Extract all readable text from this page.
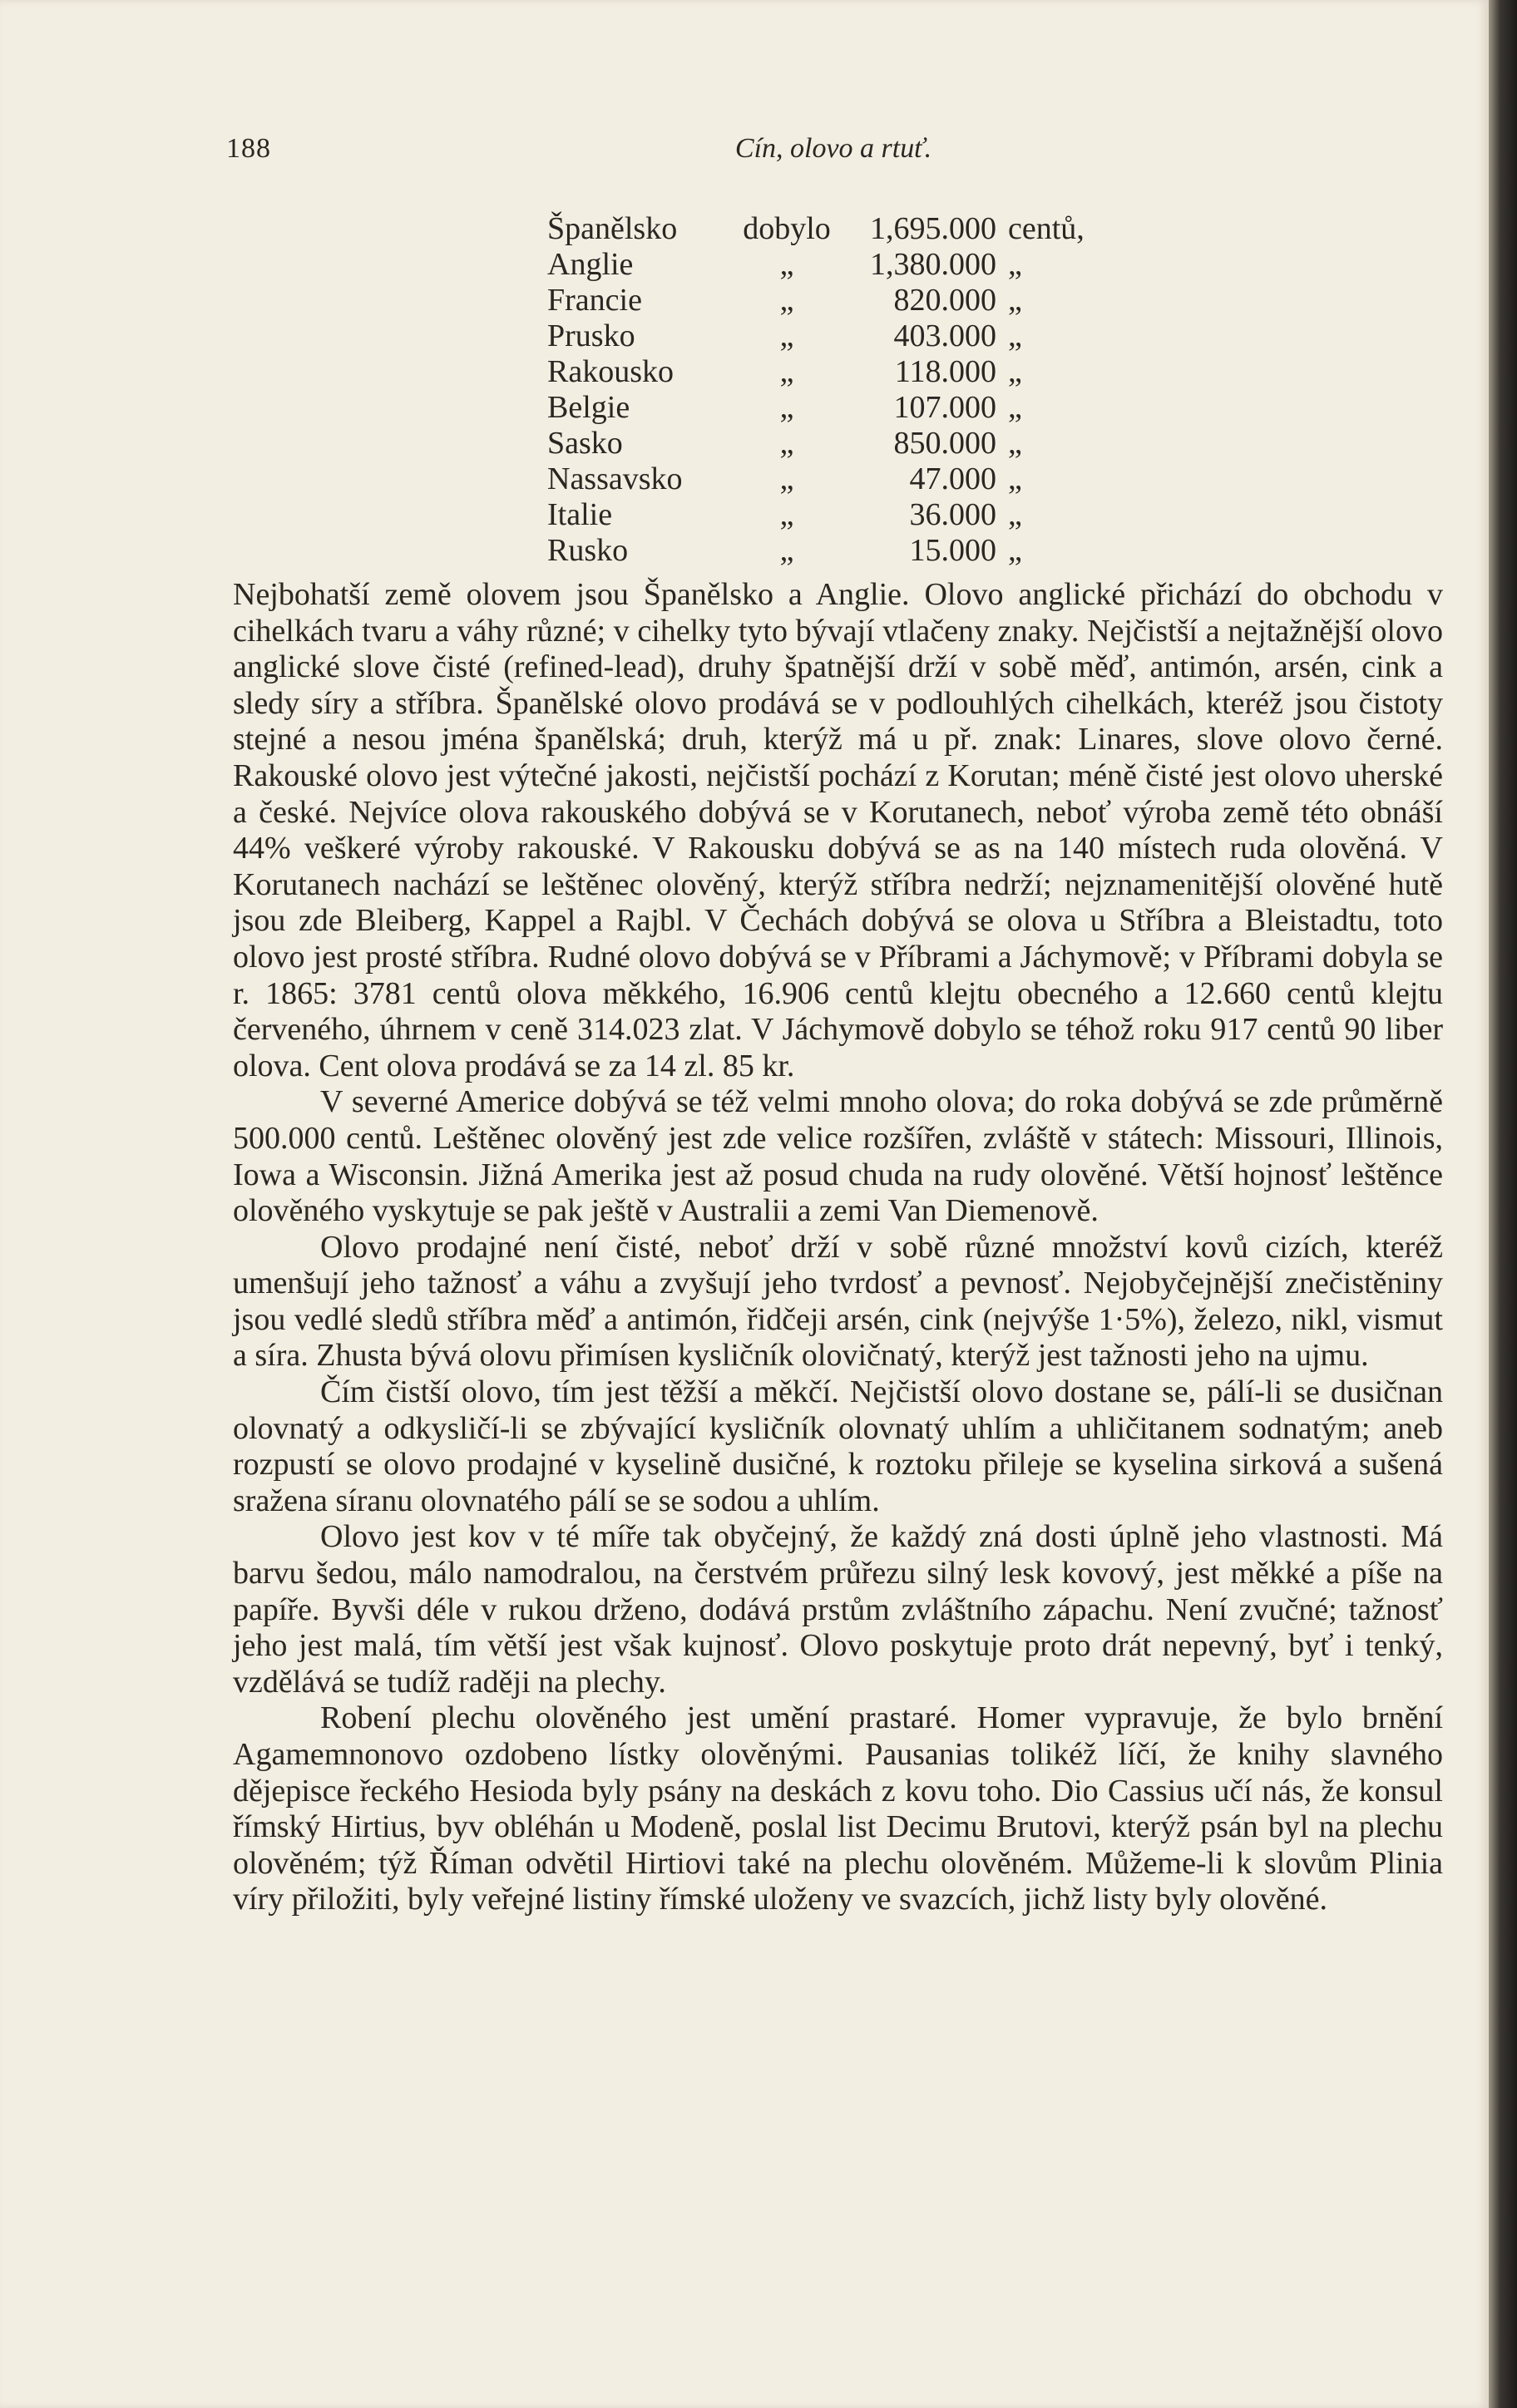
188	Cín, olovo a rtuť.
Španělsko	dobylo	1,695.000 centů,
Anglie	„	1,380.000 „
Francie	„	820.000 „
Prusko	„	403.000 „
Rakousko	„	118.000 „
Belgie	„	107.000 „
Sasko	„	850.000 „
Nassavsko	„	47.000 „
Italie	„	36.000 „
Rusko	„	15.000 „

Nejbohatší země olovem jsou Španělsko a Anglie. Olovo anglické přichází do obchodu v cihelkách tvaru a váhy různé; v cihelky tyto bývají vtlačeny znaky. Nejčistší a nejtažnější olovo anglické slove čisté (refined-lead), druhy špatnější drží v sobě měď, antimón, arsén, cink a sledy síry a stříbra. Španělské olovo prodává se v podlouhlých cihelkách, kteréž jsou čistoty stejné a nesou jména španělská; druh, kterýž má u př. znak: Linares, slove olovo černé. Rakouské olovo jest výtečné jakosti, nejčistší pochází z Korutan; méně čisté jest olovo uherské a české. Nejvíce olova rakouského dobývá se v Korutanech, neboť výroba země této obnáší 44% veškeré výroby rakouské. V Rakousku dobývá se as na 140 místech ruda olověná. V Korutanech nachází se leštěnec olověný, kterýž stříbra nedrží; nejznamenitější olověné hutě jsou zde Bleiberg, Kappel a Rajbl. V Čechách dobývá se olova u Stříbra a Bleistadtu, toto olovo jest prosté stříbra. Rudné olovo dobývá se v Příbrami a Jáchymově; v Příbrami dobyla se r. 1865: 3781 centů olova měkkého, 16.906 centů klejtu obecného a 12.660 centů klejtu červeného, úhrnem v ceně 314.023 zlat. V Jáchymově dobylo se téhož roku 917 centů 90 liber olova. Cent olova prodává se za 14 zl. 85 kr.

V severné Americe dobývá se též velmi mnoho olova; do roka dobývá se zde průměrně 500.000 centů. Leštěnec olověný jest zde velice rozšířen, zvláště v státech: Missouri, Illinois, Iowa a Wisconsin. Jižná Amerika jest až posud chuda na rudy olověné. Větší hojnosť leštěnce olověného vyskytuje se pak ještě v Australii a zemi Van Diemenově.

Olovo prodajné není čisté, neboť drží v sobě různé množství kovů cizích, kteréž umenšují jeho tažnosť a váhu a zvyšují jeho tvrdosť a pevnosť. Nejobyčejnější znečistěniny jsou vedlé sledů stříbra měď a antimón, řidčeji arsén, cink (nejvýše 1·5%), železo, nikl, vismut a síra. Zhusta bývá olovu přimísen kysličník olovičnatý, kterýž jest tažnosti jeho na ujmu.

Čím čistší olovo, tím jest těžší a měkčí. Nejčistší olovo dostane se, pálí-li se dusičnan olovnatý a odkysličí-li se zbývající kysličník olovnatý uhlím a uhličitanem sodnatým; aneb rozpustí se olovo prodajné v kyselině dusičné, k roztoku přileje se kyselina sirková a sušená sražena síranu olovnatého pálí se se sodou a uhlím.

Olovo jest kov v té míře tak obyčejný, že každý zná dosti úplně jeho vlastnosti. Má barvu šedou, málo namodralou, na čerstvém průřezu silný lesk kovový, jest měkké a píše na papíře. Byvši déle v rukou drženo, dodává prstům zvláštního zápachu. Není zvučné; tažnosť jeho jest malá, tím větší jest však kujnosť. Olovo poskytuje proto drát nepevný, byť i tenký, vzdělává se tudíž raději na plechy.

Robení plechu olověného jest umění prastaré. Homer vypravuje, že bylo brnění Agamemnonovo ozdobeno lístky olověnými. Pausanias tolikéž líčí, že knihy slavného dějepisce řeckého Hesioda byly psány na deskách z kovu toho. Dio Cassius učí nás, že konsul římský Hirtius, byv obléhán u Modeně, poslal list Decimu Brutovi, kterýž psán byl na plechu olověném; týž Říman odvětil Hirtiovi také na plechu olověném. Můžeme-li k slovům Plinia víry přiložiti, byly veřejné listiny římské uloženy ve svazcích, jichž listy byly olověné.
